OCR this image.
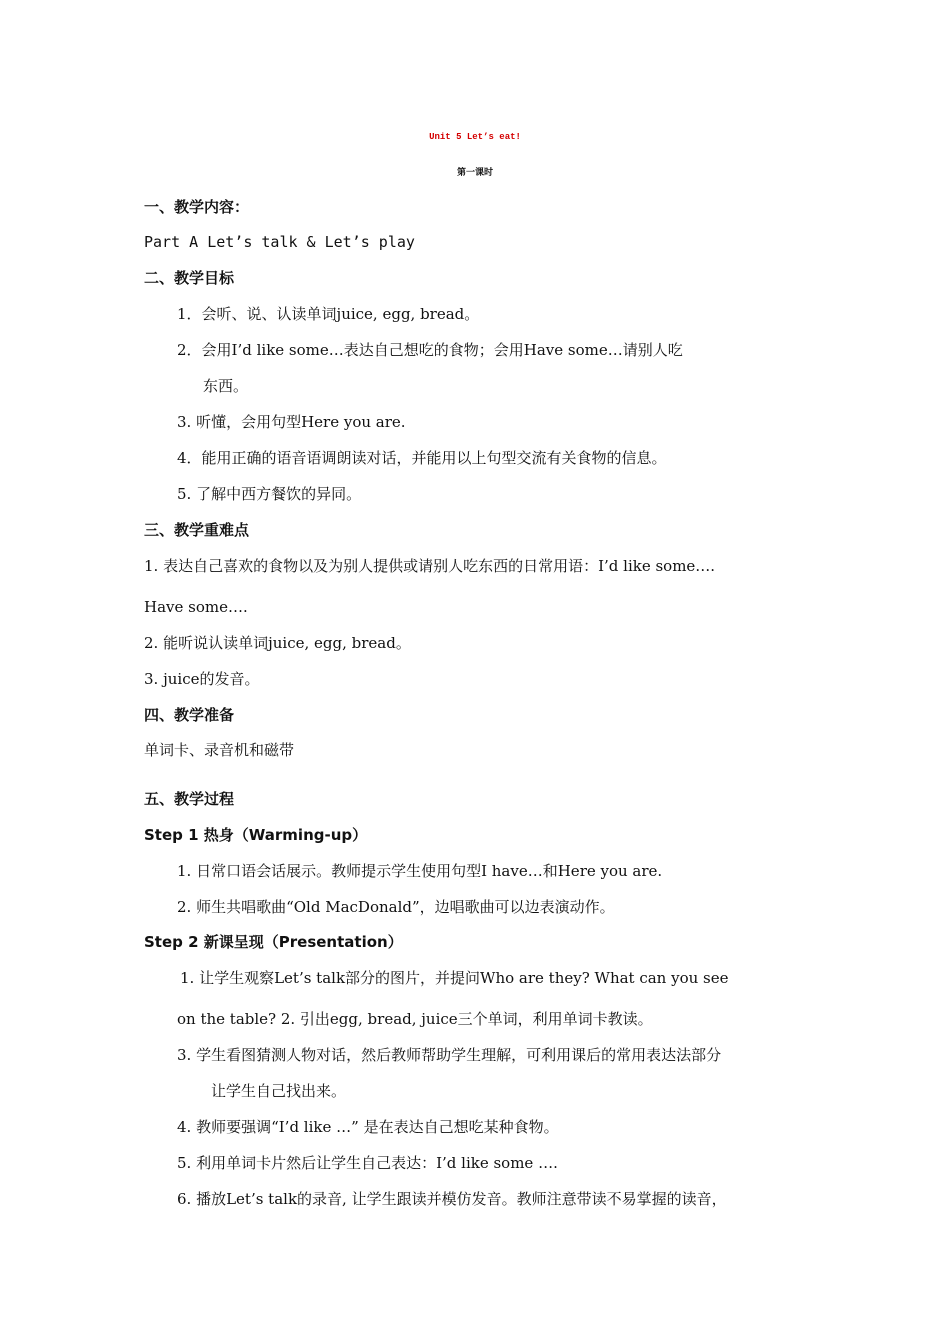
Unit 5 Let’s eat!
第一课时
一、教学内容：
Part A Let’s talk & Let’s play
二、教学目标
1．会听、说、认读单词juice, egg, bread。
2．会用I’d like some…表达自己想吃的食物；会用Have some…请别人吃
东西。
3. 听懂，会用句型Here you are.
4．能用正确的语音语调朗读对话，并能用以上句型交流有关食物的信息。
5. 了解中西方餐饮的异同。
三、教学重难点
1. 表达自己喜欢的食物以及为别人提供或请别人吃东西的日常用语：I’d like some….
Have some….
2. 能听说认读单词juice, egg, bread。
3. juice的发音。
四、教学准备
单词卡、录音机和磁带
五、教学过程
Step 1 热身（Warming-up）
1. 日常口语会话展示。教师提示学生使用句型I have…和Here you are.
2. 师生共唱歌曲“Old MacDonald”，边唱歌曲可以边表演动作。
Step 2 新课呈现（Presentation）
1. 让学生观察Let’s talk部分的图片，并提问Who are they? What can you see
on the table? 2. 引出egg, bread, juice三个单词，利用单词卡教读。
3. 学生看图猜测人物对话，然后教师帮助学生理解，可利用课后的常用表达法部分
让学生自己找出来。
4. 教师要强调“I’d like …” 是在表达自己想吃某种食物。
5. 利用单词卡片然后让学生自己表达：I’d like some ….
6. 播放Let’s talk的录音, 让学生跟读并模仿发音。教师注意带读不易掌握的读音，
